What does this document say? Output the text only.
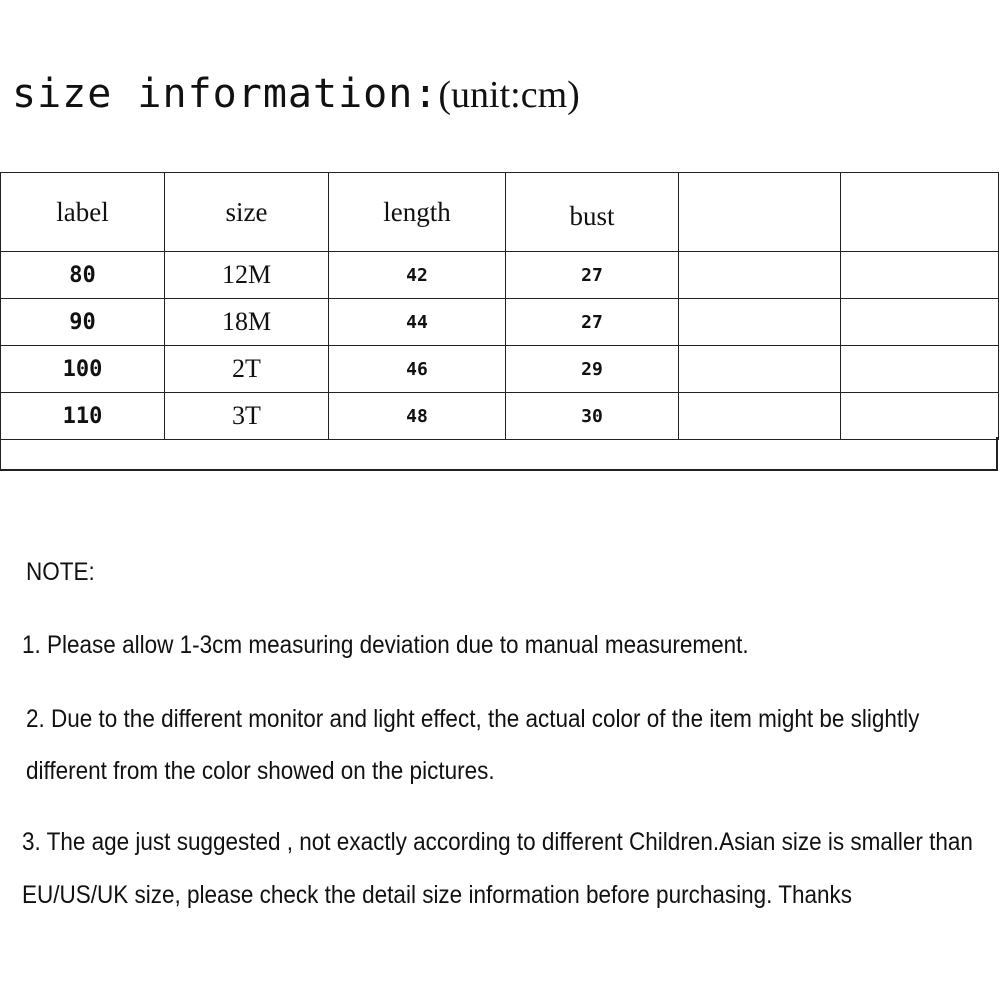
size information:(unit:cm)
label	size	length	bust		
80	12M	42	27		
90	18M	44	27		
100	2T	46	29		
110	3T	48	30		
NOTE:
1. Please allow 1-3cm measuring deviation due to manual measurement.
2. Due to the different monitor and light effect, the actual color of the item might be slightly
different from the color showed on the pictures.
3. The age just suggested , not exactly according to different Children.Asian size is smaller than
EU/US/UK size, please check the detail size information before purchasing. Thanks
